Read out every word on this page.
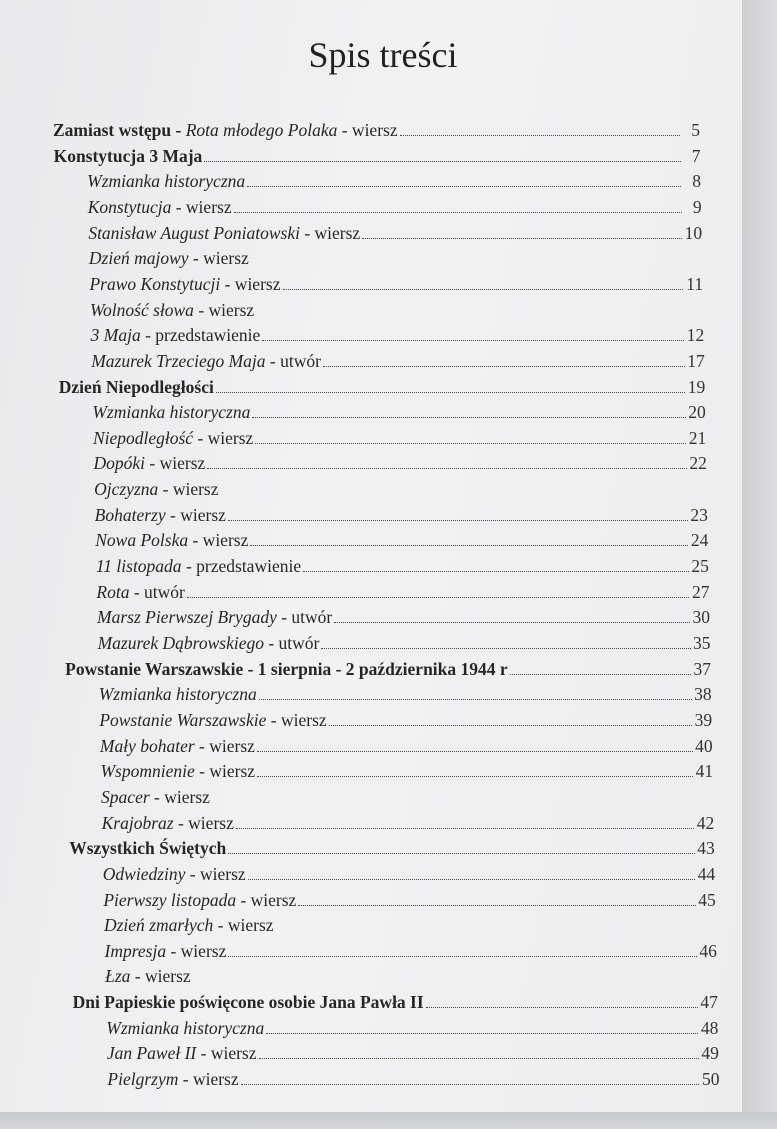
Spis treści
Zamiast wstępu - Rota młodego Polaka - wiersz	5
Konstytucja 3 Maja	7
Wzmianka historyczna	8
Konstytucja - wiersz	9
Stanisław August Poniatowski - wiersz	10
Dzień majowy - wiersz
Prawo Konstytucji - wiersz	11
Wolność słowa - wiersz
3 Maja - przedstawienie	12
Mazurek Trzeciego Maja - utwór	17
Dzień Niepodległości	19
Wzmianka historyczna	20
Niepodległość - wiersz	21
Dopóki - wiersz	22
Ojczyzna - wiersz
Bohaterzy - wiersz	23
Nowa Polska - wiersz	24
11 listopada - przedstawienie	25
Rota - utwór	27
Marsz Pierwszej Brygady - utwór	30
Mazurek Dąbrowskiego - utwór	35
Powstanie Warszawskie - 1 sierpnia - 2 października 1944 r	37
Wzmianka historyczna	38
Powstanie Warszawskie - wiersz	39
Mały bohater - wiersz	40
Wspomnienie - wiersz	41
Spacer - wiersz
Krajobraz - wiersz	42
Wszystkich Świętych	43
Odwiedziny - wiersz	44
Pierwszy listopada - wiersz	45
Dzień zmarłych - wiersz
Impresja - wiersz	46
Łza - wiersz
Dni Papieskie poświęcone osobie Jana Pawła II	47
Wzmianka historyczna	48
Jan Paweł II - wiersz	49
Pielgrzym - wiersz	50
